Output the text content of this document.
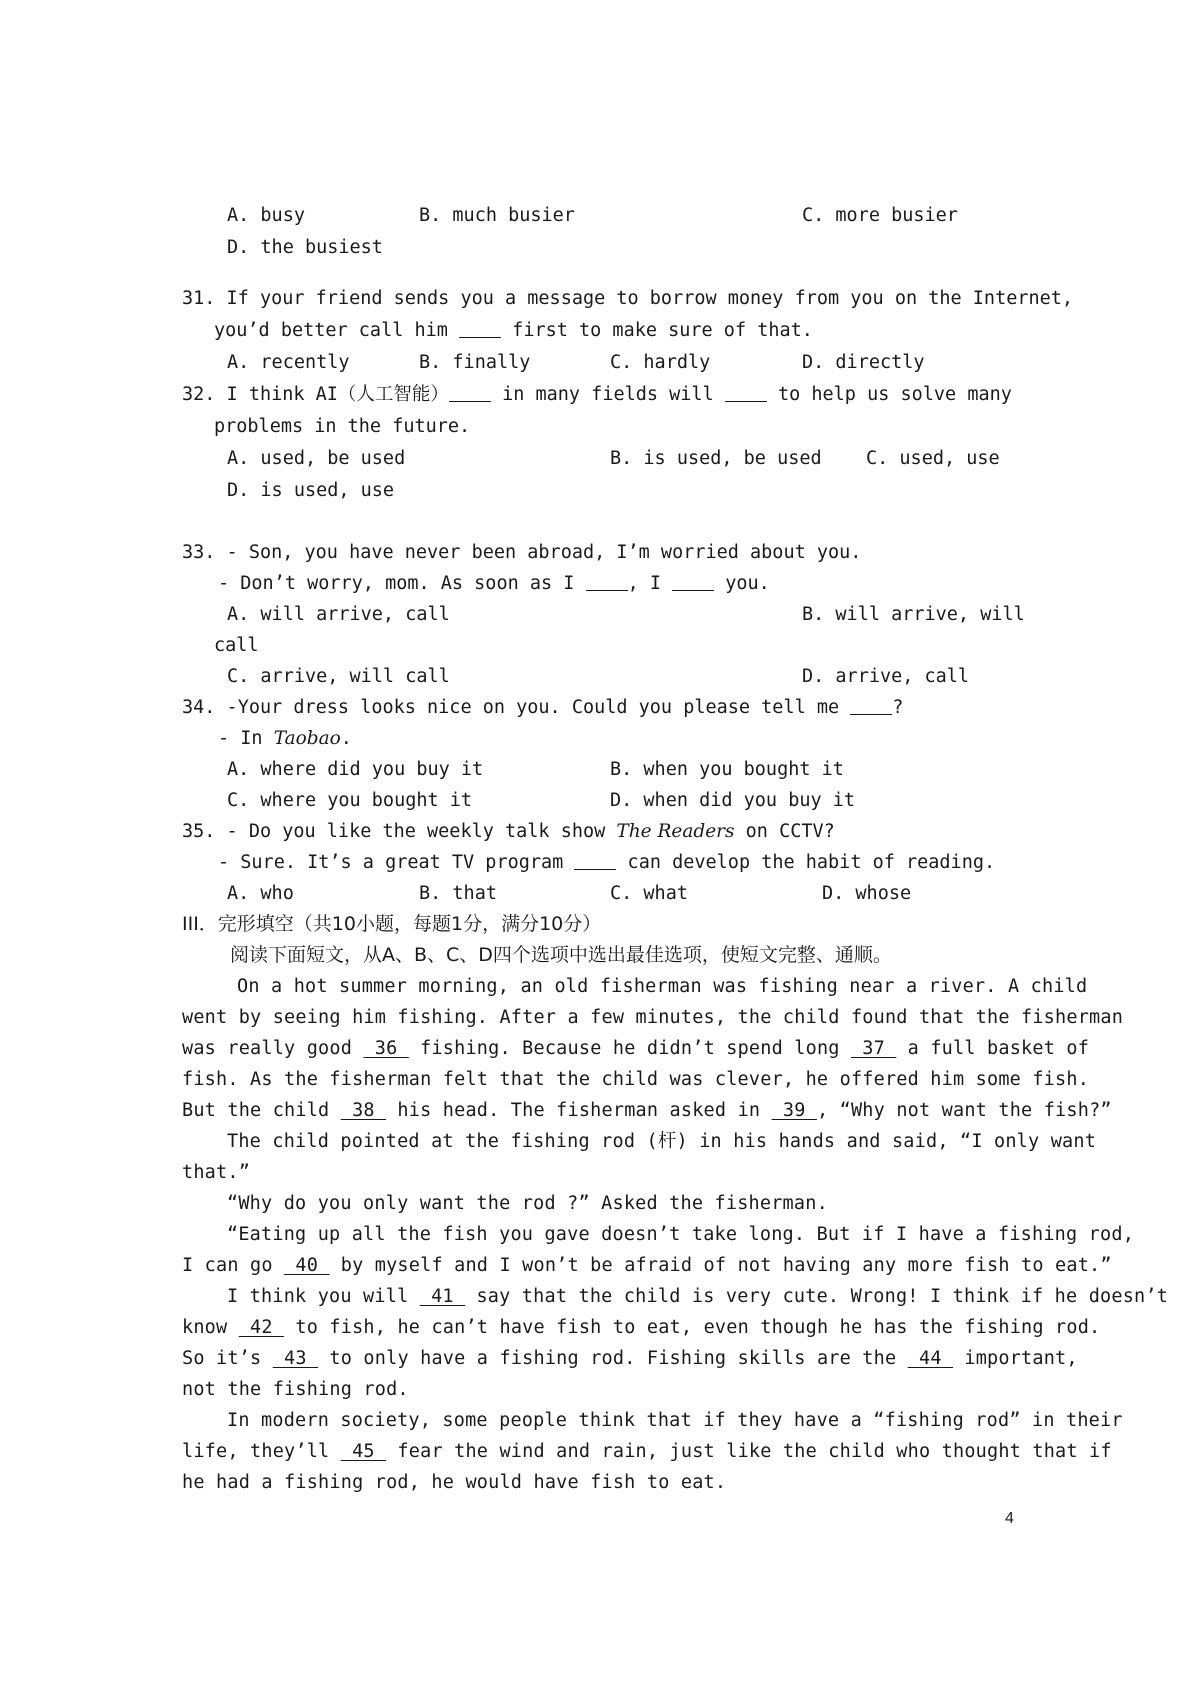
A. busy

	B. much busier

	C. more busier

D. the busiest

31. If your friend sends you a message to borrow money from you on the Internet,
you’d better call him  first to make sure of that.

A. recently

	B. finally

	C. hardly

	D. directly

32. I think AI（人工智能） in many fields will  to help us solve many
problems in the future.

A. used, be used

	B. is used, be used

C. used, use

D. is used, use

33. - Son, you have never been abroad, I’m worried about you.
- Don’t worry, mom. As soon as I , I  you.

A. will arrive, call

	B. will arrive, will

call

C. arrive, will call

	D. arrive, call

34. -Your dress looks nice on you. Could you please tell me ?
- In Taobao.

A. where did you buy it

	B. when you bought it

C. where you bought it

	D. when did you buy it

35. - Do you like the weekly talk show The Readers on CCTV?
- Sure. It’s a great TV program  can develop the habit of reading.

A. who

	B. that

	C. what

	D. whose

III．完形填空（共10小题，每题1分，满分10分）
阅读下面短文，从A、B、C、D四个选项中选出最佳选项，使短文完整、通顺。
On a hot summer morning, an old fisherman was fishing near a river. A child
went by seeing him fishing. After a few minutes, the child found that the fisherman
was really good  36  fishing. Because he didn’t spend long  37  a full basket of
fish. As the fisherman felt that the child was clever, he offered him some fish.
But the child  38  his head. The fisherman asked in  39 , “Why not want the fish?”
The child pointed at the fishing rod (杆) in his hands and said, “I only want
that.”
“Why do you only want the rod ?” Asked the fisherman.
“Eating up all the fish you gave doesn’t take long. But if I have a fishing rod,
I can go  40  by myself and I won’t be afraid of not having any more fish to eat.”
I think you will  41  say that the child is very cute. Wrong! I think if he doesn’t
know  42  to fish, he can’t have fish to eat, even though he has the fishing rod.
So it’s  43  to only have a fishing rod. Fishing skills are the  44  important,
not the fishing rod.
In modern society, some people think that if they have a “fishing rod” in their
life, they’ll  45  fear the wind and rain, just like the child who thought that if
he had a fishing rod, he would have fish to eat.
4
